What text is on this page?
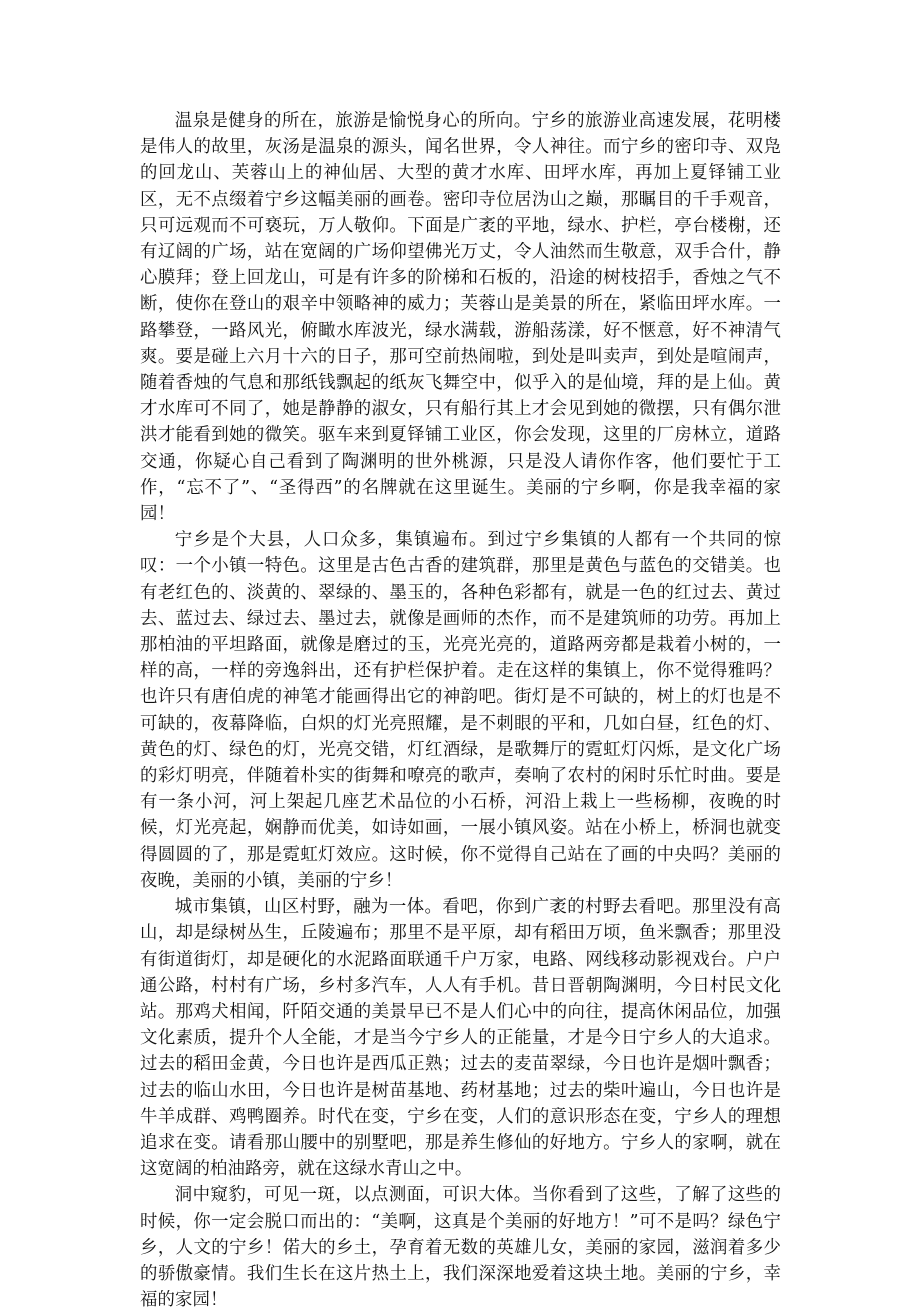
温泉是健身的所在，旅游是愉悦身心的所向。宁乡的旅游业高速发展，花明楼是伟人的故里，灰汤是温泉的源头，闻名世界，令人神往。而宁乡的密印寺、双凫的回龙山、芙蓉山上的神仙居、大型的黄才水库、田坪水库，再加上夏铎铺工业区，无不点缀着宁乡这幅美丽的画卷。密印寺位居沩山之巅，那瞩目的千手观音，只可远观而不可亵玩，万人敬仰。下面是广袤的平地，绿水、护栏，亭台楼榭，还有辽阔的广场，站在宽阔的广场仰望佛光万丈，令人油然而生敬意，双手合什，静心膜拜；登上回龙山，可是有许多的阶梯和石板的，沿途的树枝招手，香烛之气不断，使你在登山的艰辛中领略神的威力；芙蓉山是美景的所在，紧临田坪水库。一路攀登，一路风光，俯瞰水库波光，绿水满载，游船荡漾，好不惬意，好不神清气爽。要是碰上六月十六的日子，那可空前热闹啦，到处是叫卖声，到处是喧闹声，随着香烛的气息和那纸钱飘起的纸灰飞舞空中，似乎入的是仙境，拜的是上仙。黄才水库可不同了，她是静静的淑女，只有船行其上才会见到她的微摆，只有偶尔泄洪才能看到她的微笑。驱车来到夏铎铺工业区，你会发现，这里的厂房林立，道路交通，你疑心自己看到了陶渊明的世外桃源，只是没人请你作客，他们要忙于工作，“忘不了”、“圣得西”的名牌就在这里诞生。美丽的宁乡啊，你是我幸福的家园！

宁乡是个大县，人口众多，集镇遍布。到过宁乡集镇的人都有一个共同的惊叹：一个小镇一特色。这里是古色古香的建筑群，那里是黄色与蓝色的交错美。也有老红色的、淡黄的、翠绿的、墨玉的，各种色彩都有，就是一色的红过去、黄过去、蓝过去、绿过去、墨过去，就像是画师的杰作，而不是建筑师的功劳。再加上那柏油的平坦路面，就像是磨过的玉，光亮光亮的，道路两旁都是栽着小树的，一样的高，一样的旁逸斜出，还有护栏保护着。走在这样的集镇上，你不觉得雅吗？也许只有唐伯虎的神笔才能画得出它的神韵吧。街灯是不可缺的，树上的灯也是不可缺的，夜幕降临，白炽的灯光亮照耀，是不刺眼的平和，几如白昼，红色的灯、黄色的灯、绿色的灯，光亮交错，灯红酒绿，是歌舞厅的霓虹灯闪烁，是文化广场的彩灯明亮，伴随着朴实的街舞和嘹亮的歌声，奏响了农村的闲时乐忙时曲。要是有一条小河，河上架起几座艺术品位的小石桥，河沿上栽上一些杨柳，夜晚的时候，灯光亮起，娴静而优美，如诗如画，一展小镇风姿。站在小桥上，桥洞也就变得圆圆的了，那是霓虹灯效应。这时候，你不觉得自己站在了画的中央吗？美丽的夜晚，美丽的小镇，美丽的宁乡！

城市集镇，山区村野，融为一体。看吧，你到广袤的村野去看吧。那里没有高山，却是绿树丛生，丘陵遍布；那里不是平原，却有稻田万顷，鱼米飘香；那里没有街道街灯，却是硬化的水泥路面联通千户万家，电路、网线移动影视戏台。户户通公路，村村有广场，乡村多汽车，人人有手机。昔日晋朝陶渊明，今日村民文化站。那鸡犬相闻，阡陌交通的美景早已不是人们心中的向往，提高休闲品位，加强文化素质，提升个人全能，才是当今宁乡人的正能量，才是今日宁乡人的大追求。过去的稻田金黄，今日也许是西瓜正熟；过去的麦苗翠绿，今日也许是烟叶飘香；过去的临山水田，今日也许是树苗基地、药材基地；过去的柴叶遍山，今日也许是牛羊成群、鸡鸭圈养。时代在变，宁乡在变，人们的意识形态在变，宁乡人的理想追求在变。请看那山腰中的别墅吧，那是养生修仙的好地方。宁乡人的家啊，就在这宽阔的柏油路旁，就在这绿水青山之中。

洞中窥豹，可见一斑，以点测面，可识大体。当你看到了这些，了解了这些的时候，你一定会脱口而出的：“美啊，这真是个美丽的好地方！”可不是吗？绿色宁乡，人文的宁乡！偌大的乡土，孕育着无数的英雄儿女，美丽的家园，滋润着多少的骄傲豪情。我们生长在这片热土上，我们深深地爱着这块土地。美丽的宁乡，幸福的家园！
